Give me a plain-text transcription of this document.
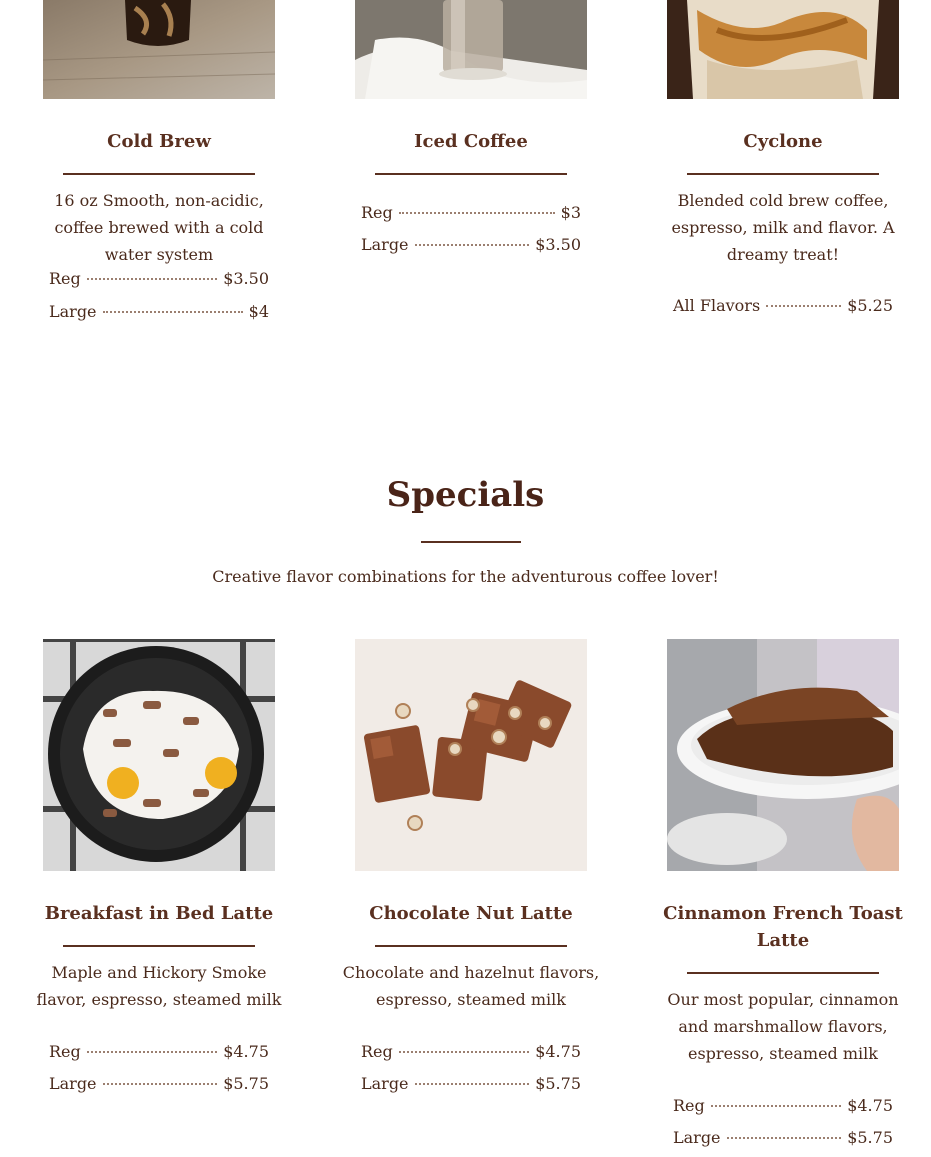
Cold Brew

16 oz Smooth, non-acidic, coffee brewed with a cold water system

Reg	$3.50
Large	$4
Iced Coffee
Reg	$3
Large	$3.50
Cyclone

Blended cold brew coffee, espresso, milk and flavor. A dreamy treat!

All Flavors	$5.25
Specials

Creative flavor combinations for the adventurous coffee lover!

Breakfast in Bed Latte

Maple and Hickory Smoke flavor, espresso, steamed milk

Reg	$4.75
Large	$5.75
Chocolate Nut Latte

Chocolate and hazelnut flavors, espresso, steamed milk

Reg	$4.75
Large	$5.75
Cinnamon French Toast Latte

Our most popular, cinnamon and marshmallow flavors, espresso, steamed milk

Reg	$4.75
Large	$5.75
